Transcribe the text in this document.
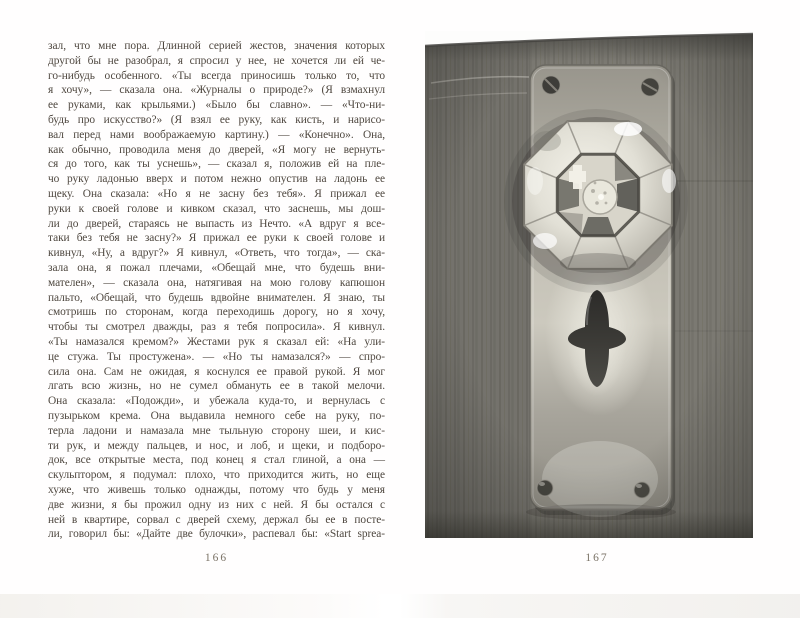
зал, что мне пора. Длинной серией жестов, значения которых
другой бы не разобрал, я спросил у нее, не хочется ли ей че-
го-нибудь особенного. «Ты всегда приносишь только то, что
я хочу», — сказала она. «Журналы о природе?» (Я взмахнул
ее руками, как крыльями.) «Было бы славно». — «Что-ни-
будь про искусство?» (Я взял ее руку, как кисть, и нарисо-
вал перед нами воображаемую картину.) — «Конечно». Она,
как обычно, проводила меня до дверей, «Я могу не вернуть-
ся до того, как ты уснешь», — сказал я, положив ей на пле-
чо руку ладонью вверх и потом нежно опустив на ладонь ее
щеку. Она сказала: «Но я не засну без тебя». Я прижал ее
руки к своей голове и кивком сказал, что заснешь, мы дош-
ли до дверей, стараясь не выпасть из Нечто. «А вдруг я все-
таки без тебя не засну?» Я прижал ее руки к своей голове и
кивнул, «Ну, а вдруг?» Я кивнул, «Ответь, что тогда», — ска-
зала она, я пожал плечами, «Обещай мне, что будешь вни-
мателен», — сказала она, натягивая на мою голову капюшон
пальто, «Обещай, что будешь вдвойне внимателен. Я знаю, ты
смотришь по сторонам, когда переходишь дорогу, но я хочу,
чтобы ты смотрел дважды, раз я тебя попросила». Я кивнул.
«Ты намазался кремом?» Жестами рук я сказал ей: «На ули-
це стужа. Ты простужена». — «Но ты намазался?» — спро-
сила она. Сам не ожидая, я коснулся ее правой рукой. Я мог
лгать всю жизнь, но не сумел обмануть ее в такой мелочи.
Она сказала: «Подожди», и убежала куда-то, и вернулась с
пузырьком крема. Она выдавила немного себе на руку, по-
терла ладони и намазала мне тыльную сторону шеи, и кис-
ти рук, и между пальцев, и нос, и лоб, и щеки, и подборо-
док, все открытые места, под конец я стал глиной, а она —
скульптором, я подумал: плохо, что приходится жить, но еще
хуже, что живешь только однажды, потому что будь у меня
две жизни, я бы прожил одну из них с ней. Я бы остался с
ней в квартире, сорвал с дверей схему, держал бы ее в посте-
ли, говорил бы: «Дайте две булочки», распевал бы: «Start sprea-
166	167
